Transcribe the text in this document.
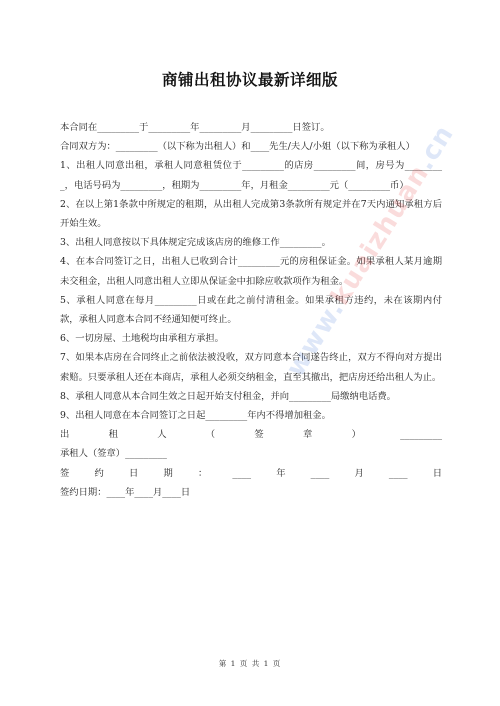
商铺出租协议最新详细版

本合同在_________于_________年_________月_________日签订。

合同双方为：_________（以下称为出租人）和____先生/夫人/小姐（以下称为承租人）

1、出租人同意出租，承租人同意租赁位于_________的店房_________间，房号为_________，电话号码为_________，租期为_________年，月租金_________元（_________币）

2、在以上第1条款中所规定的租期，从出租人完成第3条款所有规定并在7天内通知承租方后开始生效。

3、出租人同意按以下具体规定完成该店房的维修工作_________。

4、在本合同签订之日，出租人已收到合计_________元的房租保证金。如果承租人某月逾期未交租金，出租人同意出租人立即从保证金中扣除应收款项作为租金。

5、承租人同意在每月_________日或在此之前付清租金。如果承租方违约，未在该期内付款，承租人同意本合同不经通知便可终止。

6、一切房屋、土地税均由承租方承担。

7、如果本店房在合同终止之前依法被没收，双方同意本合同遂告终止，双方不得向对方提出索赔。只要承租人还在本商店，承租人必须交纳租金，直至其撤出，把店房还给出租人为止。

8、承租人同意从本合同生效之日起开始支付租金，并向_________局缴纳电话费。

9、出租人同意在本合同签订之日起_________年内不得增加租金。

出	租	人	（	签	章	）	_________

承租人（签章）_________

签	约	日	期	：	____	年	____	月	____	日

签约日期：____年____月____日

www.kuaizhuan.cn
第 1 页 共 1 页
